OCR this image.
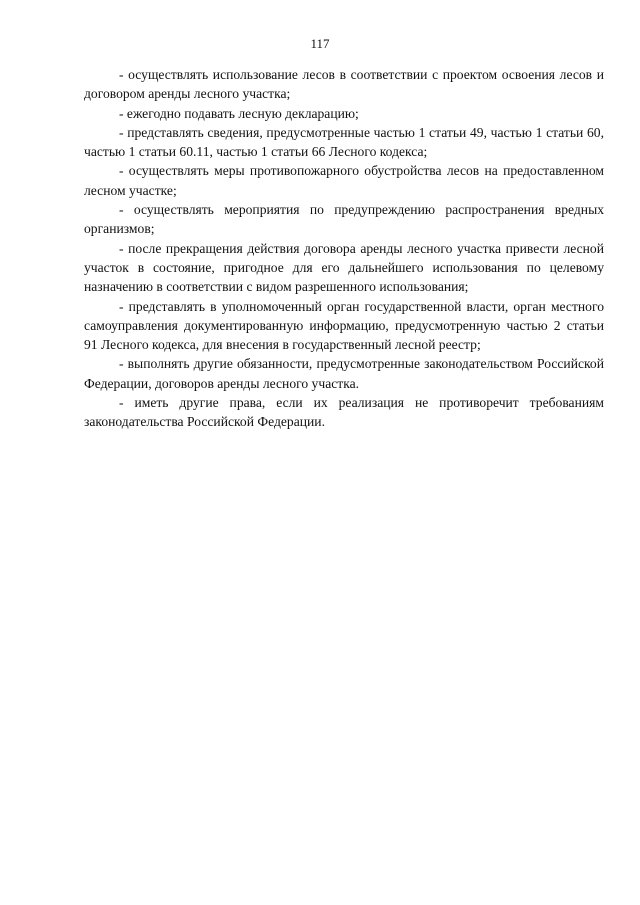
117

- осуществлять использование лесов в соответствии с проектом освоения лесов и договором аренды лесного участка;

- ежегодно подавать лесную декларацию;

- представлять сведения, предусмотренные частью 1 статьи 49, частью 1 статьи 60, частью 1 статьи 60.11, частью 1 статьи 66 Лесного кодекса;

- осуществлять меры противопожарного обустройства лесов на предоставленном лесном участке;

- осуществлять мероприятия по предупреждению распространения вредных организмов;

- после прекращения действия договора аренды лесного участка привести лесной участок в состояние, пригодное для его дальнейшего использования по целевому назначению в соответствии с видом разрешенного использования;

- представлять в уполномоченный орган государственной власти, орган местного самоуправления документированную информацию, предусмотренную частью 2 статьи 91 Лесного кодекса, для внесения в государственный лесной реестр;

- выполнять другие обязанности, предусмотренные законодательством Российской Федерации, договоров аренды лесного участка.

- иметь другие права, если их реализация не противоречит требованиям законодательства Российской Федерации.
